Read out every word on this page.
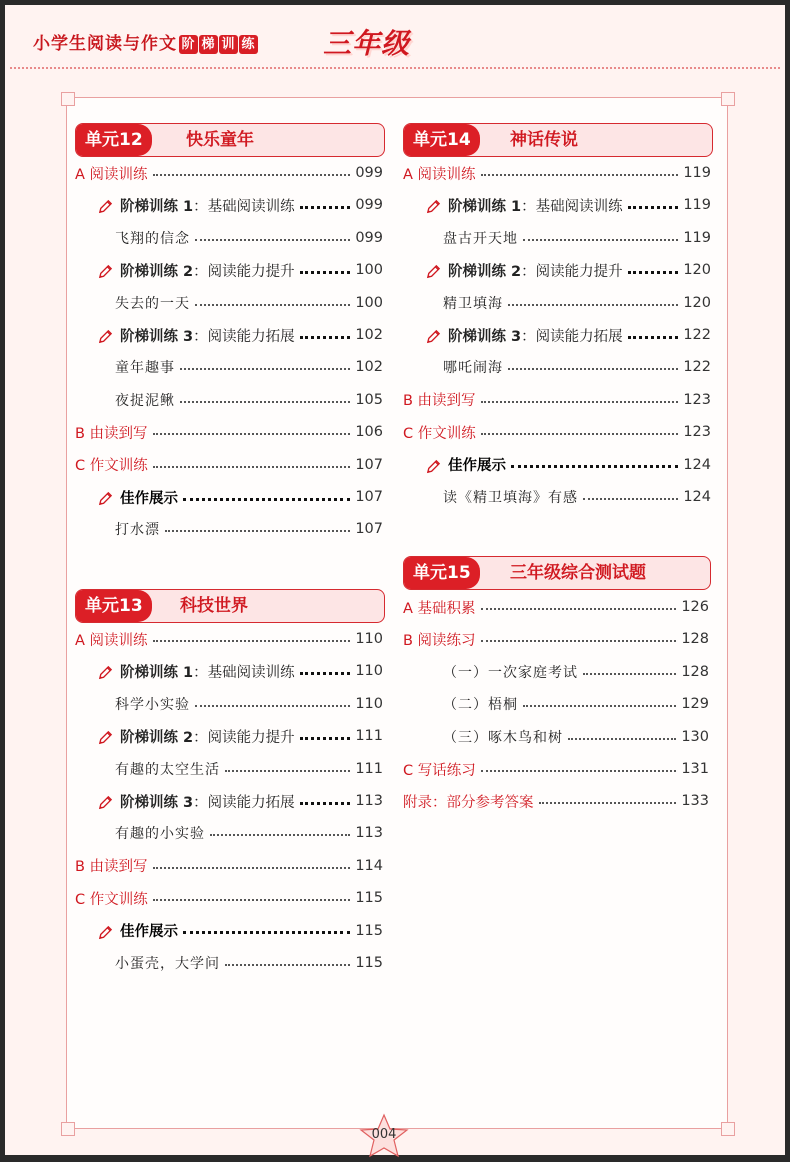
小学生阅读与作文 阶 梯 训 练 三年级
单元12	快乐童年
A 阅读训练	099
阶梯训练 1：基础阅读训练	099
飞翔的信念	099
阶梯训练 2：阅读能力提升	100
失去的一天	100
阶梯训练 3：阅读能力拓展	102
童年趣事	102
夜捉泥鳅	105
B 由读到写	106
C 作文训练	107
佳作展示	107
打水漂	107
单元13	科技世界
A 阅读训练	110
阶梯训练 1：基础阅读训练	110
科学小实验	110
阶梯训练 2：阅读能力提升	111
有趣的太空生活	111
阶梯训练 3：阅读能力拓展	113
有趣的小实验	113
B 由读到写	114
C 作文训练	115
佳作展示	115
小蛋壳，大学问	115
单元14	神话传说
A 阅读训练	119
阶梯训练 1：基础阅读训练	119
盘古开天地	119
阶梯训练 2：阅读能力提升	120
精卫填海	120
阶梯训练 3：阅读能力拓展	122
哪吒闹海	122
B 由读到写	123
C 作文训练	123
佳作展示	124
读《精卫填海》有感	124
单元15	三年级综合测试题
A 基础积累	126
B 阅读练习	128
（一）一次家庭考试	128
（二）梧桐	129
（三）啄木鸟和树	130
C 写话练习	131
附录：部分参考答案	133
004
